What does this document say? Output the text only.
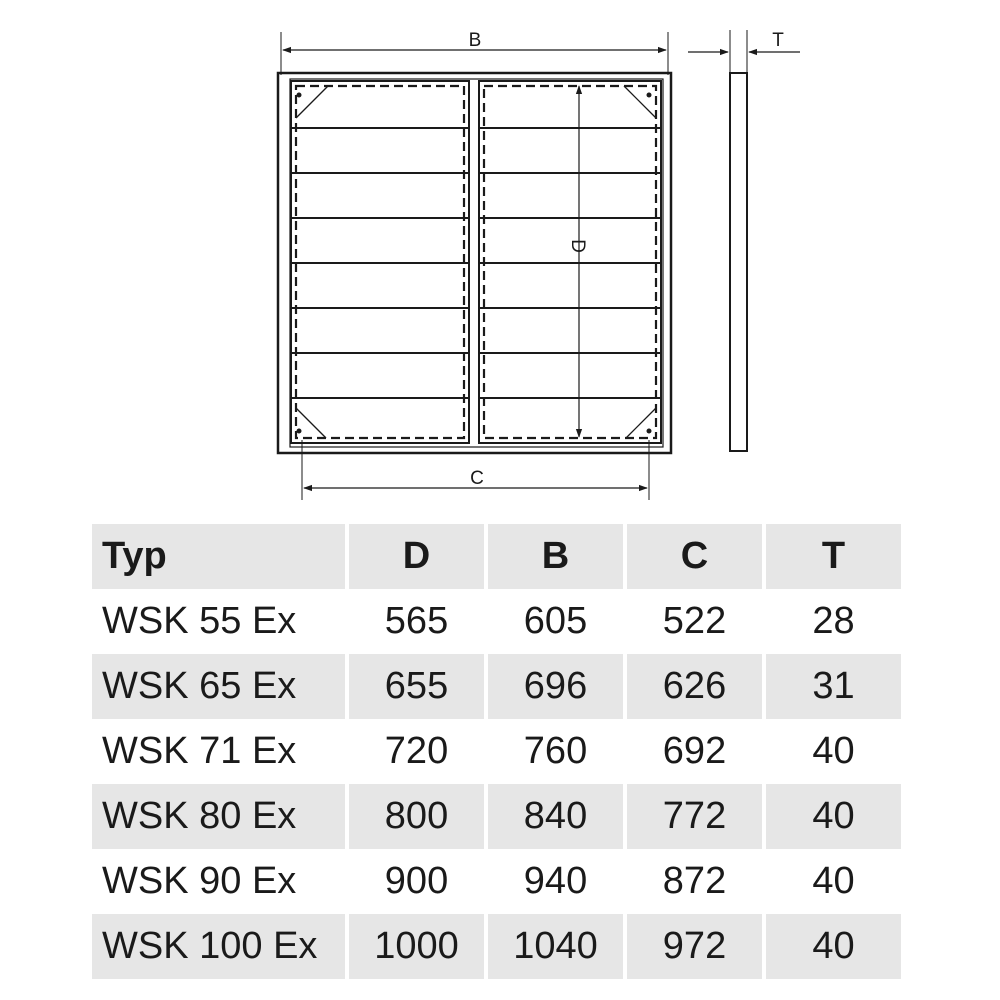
B
D
C
T
Typ	D	B	C	T
WSK 55 Ex	565	605	522	28
WSK 65 Ex	655	696	626	31
WSK 71 Ex	720	760	692	40
WSK 80 Ex	800	840	772	40
WSK 90 Ex	900	940	872	40
WSK 100 Ex	1000	1040	972	40
